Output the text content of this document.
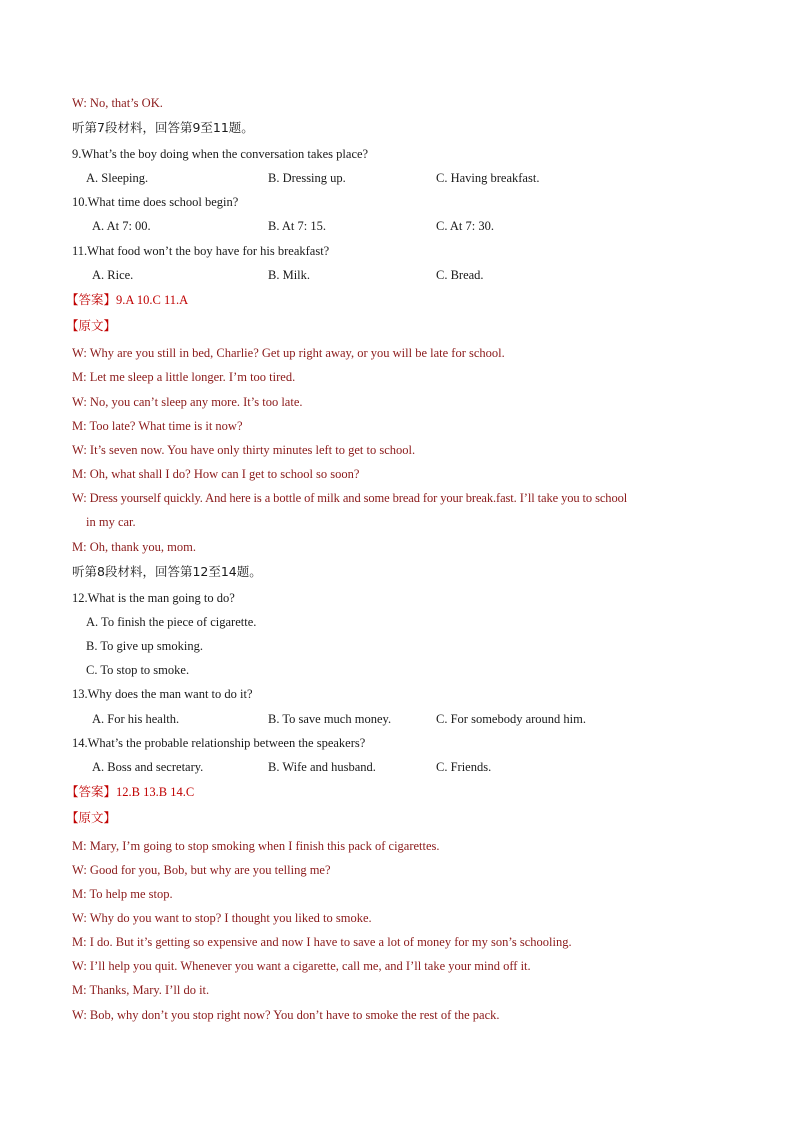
W: No, that’s OK.
听第7段材料，回答第9至11题。
9.What’s the boy doing when the conversation takes place?
A. Sleeping.	B. Dressing up.	C. Having breakfast.
10.What time does school begin?
A. At 7: 00.	B. At 7: 15.	C. At 7: 30.
11.What food won’t the boy have for his breakfast?
A. Rice.	B. Milk.	C. Bread.
【答案】9.A 10.C 11.A
【原文】
W: Why are you still in bed, Charlie? Get up right away, or you will be late for school.
M: Let me sleep a little longer. I’m too tired.
W: No, you can’t sleep any more. It’s too late.
M: Too late? What time is it now?
W: It’s seven now. You have only thirty minutes left to get to school.
M: Oh, what shall I do? How can I get to school so soon?
W: Dress yourself quickly. And here is a bottle of milk and some bread for your break.fast. I’ll take you to school
in my car.
M: Oh, thank you, mom.
听第8段材料，回答第12至14题。
12.What is the man going to do?
A. To finish the piece of cigarette.
B. To give up smoking.
C. To stop to smoke.
13.Why does the man want to do it?
A. For his health.	B. To save much money.	C. For somebody around him.
14.What’s the probable relationship between the speakers?
A. Boss and secretary.	B. Wife and husband.	C. Friends.
【答案】12.B 13.B 14.C
【原文】
M: Mary, I’m going to stop smoking when I finish this pack of cigarettes.
W: Good for you, Bob, but why are you telling me?
M: To help me stop.
W: Why do you want to stop? I thought you liked to smoke.
M: I do. But it’s getting so expensive and now I have to save a lot of money for my son’s schooling.
W: I’ll help you quit. Whenever you want a cigarette, call me, and I’ll take your mind off it.
M: Thanks, Mary. I’ll do it.
W: Bob, why don’t you stop right now? You don’t have to smoke the rest of the pack.
